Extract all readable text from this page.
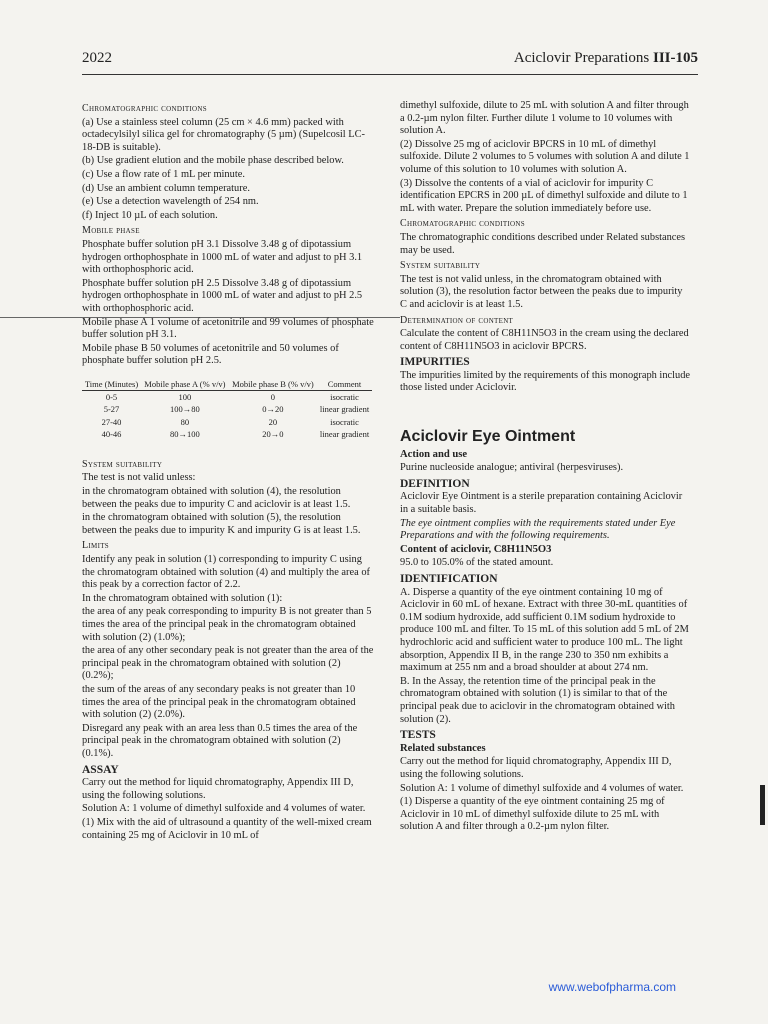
2022	Aciclovir Preparations III-105

Chromatographic conditions

(a) Use a stainless steel column (25 cm × 4.6 mm) packed with octadecylsilyl silica gel for chromatography (5 µm) (Supelcosil LC-18-DB is suitable).

(b) Use gradient elution and the mobile phase described below.

(c) Use a flow rate of 1 mL per minute.

(d) Use an ambient column temperature.

(e) Use a detection wavelength of 254 nm.

(f) Inject 10 µL of each solution.

Mobile phase

Phosphate buffer solution pH 3.1 Dissolve 3.48 g of dipotassium hydrogen orthophosphate in 1000 mL of water and adjust to pH 3.1 with orthophosphoric acid.

Phosphate buffer solution pH 2.5 Dissolve 3.48 g of dipotassium hydrogen orthophosphate in 1000 mL of water and adjust to pH 2.5 with orthophosphoric acid.

Mobile phase A 1 volume of acetonitrile and 99 volumes of phosphate buffer solution pH 3.1.

Mobile phase B 50 volumes of acetonitrile and 50 volumes of phosphate buffer solution pH 2.5.

Time (Minutes)	Mobile phase A (% v/v)	Mobile phase B (% v/v)	Comment
0-5	100	0	isocratic
5-27	100→80	0→20	linear gradient
27-40	80	20	isocratic
40-46	80→100	20→0	linear gradient

System suitability

The test is not valid unless:

in the chromatogram obtained with solution (4), the resolution between the peaks due to impurity C and aciclovir is at least 1.5.

in the chromatogram obtained with solution (5), the resolution between the peaks due to impurity K and impurity G is at least 1.5.

Limits

Identify any peak in solution (1) corresponding to impurity C using the chromatogram obtained with solution (4) and multiply the area of this peak by a correction factor of 2.2.

In the chromatogram obtained with solution (1):

the area of any peak corresponding to impurity B is not greater than 5 times the area of the principal peak in the chromatogram obtained with solution (2) (1.0%);

the area of any other secondary peak is not greater than the area of the principal peak in the chromatogram obtained with solution (2) (0.2%);

the sum of the areas of any secondary peaks is not greater than 10 times the area of the principal peak in the chromatogram obtained with solution (2) (2.0%).

Disregard any peak with an area less than 0.5 times the area of the principal peak in the chromatogram obtained with solution (2) (0.1%).

ASSAY

Carry out the method for liquid chromatography, Appendix III D, using the following solutions.

Solution A: 1 volume of dimethyl sulfoxide and 4 volumes of water.

(1) Mix with the aid of ultrasound a quantity of the well-mixed cream containing 25 mg of Aciclovir in 10 mL of

dimethyl sulfoxide, dilute to 25 mL with solution A and filter through a 0.2-µm nylon filter. Further dilute 1 volume to 10 volumes with solution A.

(2) Dissolve 25 mg of aciclovir BPCRS in 10 mL of dimethyl sulfoxide. Dilute 2 volumes to 5 volumes with solution A and dilute 1 volume of this solution to 10 volumes with solution A.

(3) Dissolve the contents of a vial of aciclovir for impurity C identification EPCRS in 200 µL of dimethyl sulfoxide and dilute to 1 mL with water. Prepare the solution immediately before use.

Chromatographic conditions

The chromatographic conditions described under Related substances may be used.

System suitability

The test is not valid unless, in the chromatogram obtained with solution (3), the resolution factor between the peaks due to impurity C and aciclovir is at least 1.5.

Determination of content

Calculate the content of C8H11N5O3 in the cream using the declared content of C8H11N5O3 in aciclovir BPCRS.

IMPURITIES

The impurities limited by the requirements of this monograph include those listed under Aciclovir.

Aciclovir Eye Ointment

Action and use

Purine nucleoside analogue; antiviral (herpesviruses).

DEFINITION

Aciclovir Eye Ointment is a sterile preparation containing Aciclovir in a suitable basis.

The eye ointment complies with the requirements stated under Eye Preparations and with the following requirements.

Content of aciclovir, C8H11N5O3

95.0 to 105.0% of the stated amount.

IDENTIFICATION

A. Disperse a quantity of the eye ointment containing 10 mg of Aciclovir in 60 mL of hexane. Extract with three 30-mL quantities of 0.1M sodium hydroxide, add sufficient 0.1M sodium hydroxide to produce 100 mL and filter. To 15 mL of this solution add 5 mL of 2M hydrochloric acid and sufficient water to produce 100 mL. The light absorption, Appendix II B, in the range 230 to 350 nm exhibits a maximum at 255 nm and a broad shoulder at about 274 nm.

B. In the Assay, the retention time of the principal peak in the chromatogram obtained with solution (1) is similar to that of the principal peak due to aciclovir in the chromatogram obtained with solution (2).

TESTS

Related substances

Carry out the method for liquid chromatography, Appendix III D, using the following solutions.

Solution A: 1 volume of dimethyl sulfoxide and 4 volumes of water.

(1) Disperse a quantity of the eye ointment containing 25 mg of Aciclovir in 10 mL of dimethyl sulfoxide dilute to 25 mL with solution A and filter through a 0.2-µm nylon filter.

www.webofpharma.com
